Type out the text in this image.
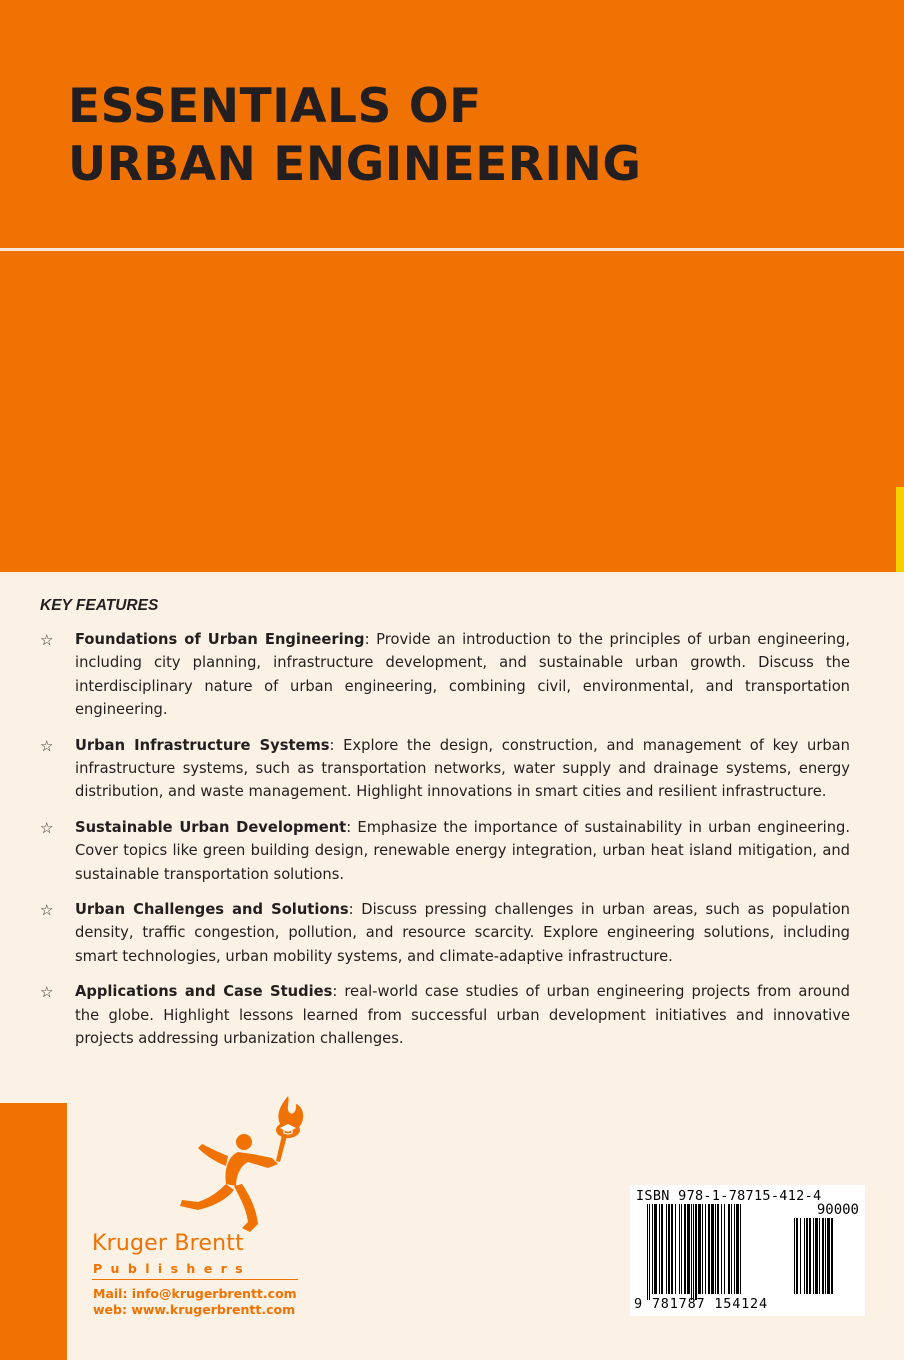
ESSENTIALS OF
URBAN ENGINEERING
KEY FEATURES
☆ Foundations of Urban Engineering: Provide an introduction to the principles of urban engineering, including city planning, infrastructure development, and sustainable urban growth. Discuss the interdisciplinary nature of urban engineering, combining civil, environmental, and transportation engineering.

☆ Urban Infrastructure Systems: Explore the design, construction, and management of key urban infrastructure systems, such as transportation networks, water supply and drainage systems, energy distribution, and waste management. Highlight innovations in smart cities and resilient infrastructure.

☆ Sustainable Urban Development: Emphasize the importance of sustainability in urban engineering. Cover topics like green building design, renewable energy integration, urban heat island mitigation, and sustainable transportation solutions.

☆ Urban Challenges and Solutions: Discuss pressing challenges in urban areas, such as population density, traffic congestion, pollution, and resource scarcity. Explore engineering solutions, including smart technologies, urban mobility systems, and climate-adaptive infrastructure.

☆ Applications and Case Studies: real-world case studies of urban engineering projects from around the globe. Highlight lessons learned from successful urban development initiatives and innovative projects addressing urbanization challenges.

Kruger Brentt

Publishers

Mail: info@krugerbrentt.com

web: www.krugerbrentt.com

ISBN 978-1-78715-412-4

90000

9 781787 154124
